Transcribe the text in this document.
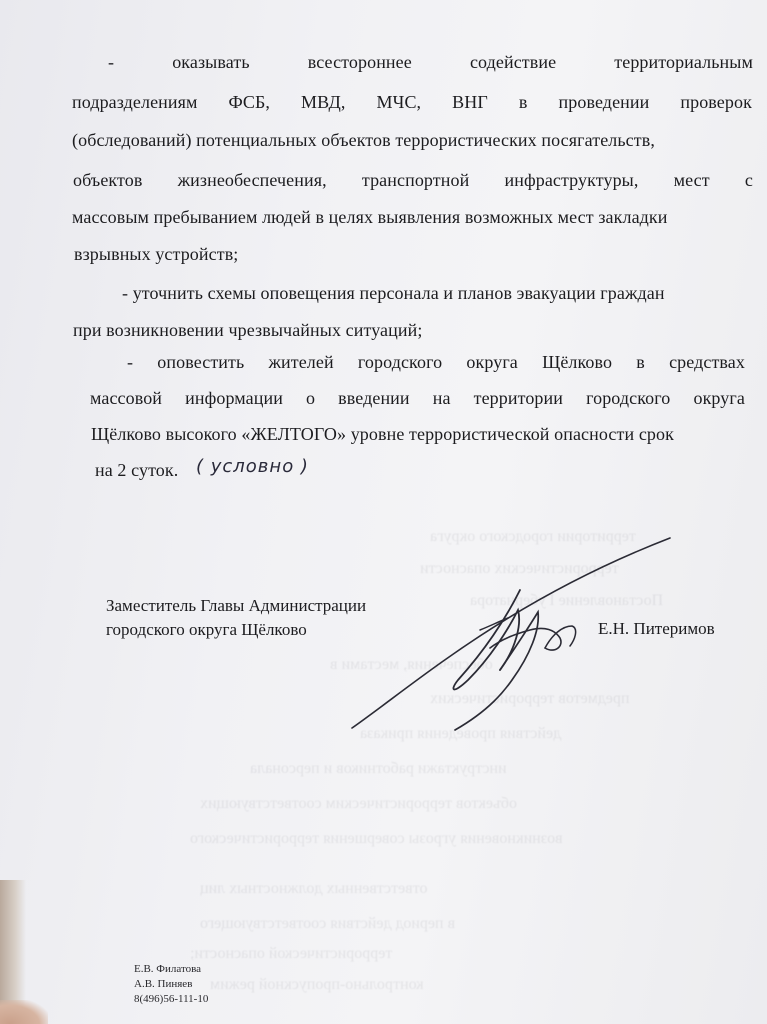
территории городского округа
террористических опасности
Постановление Губернатора
обеспечения, местами в
предметов террористических
действия проведения приказа
инструктажи работников и персонала
объектов террористическим соответствующих
возникновения угрозы совершения террористического
ответственных должностных лиц
в период действия соответствующего
террористической опасности;
контрольно-пропускной режим
-	оказывать	всестороннее	содействие	территориальным
подразделениям ФСБ, МВД, МЧС, ВНГ в проведении проверок
(обследований) потенциальных объектов террористических посягательств,
объектов жизнеобеспечения, транспортной инфраструктуры, мест с
массовым пребыванием людей в целях выявления возможных мест закладки
взрывных устройств;
- уточнить схемы оповещения персонала и планов эвакуации граждан
при возникновении чрезвычайных ситуаций;
- оповестить жителей городского округа Щёлково в средствах
массовой информации о введении на территории городского округа
Щёлково высокого «ЖЕЛТОГО» уровне террористической опасности срок
на 2 суток. ( условно )
Заместитель Главы Администрации
городского округа Щёлково	Е.Н. Питеримов
Е.В. Филатова
А.В. Пиняев
8(496)56-111-10
